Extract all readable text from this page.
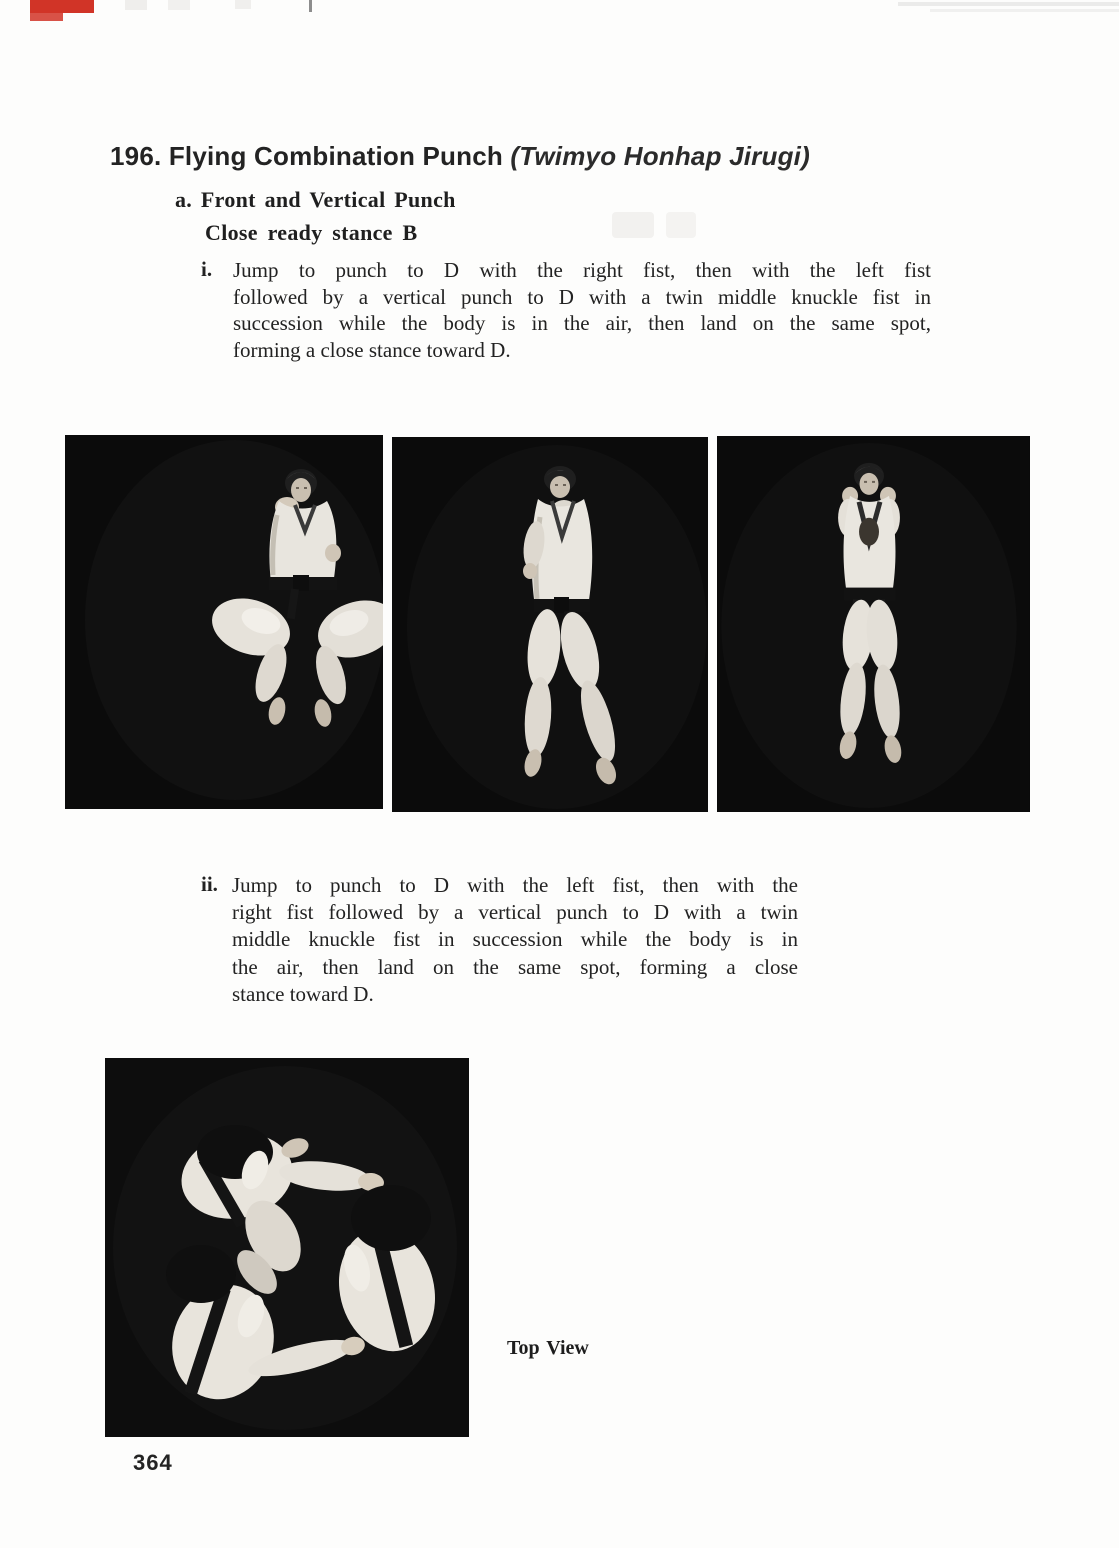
196. Flying Combination Punch (Twimyo Honhap Jirugi)
a. Front and Vertical Punch
Close ready stance B
i. Jump to punch to D with the right fist, then with the left fist
followed by a vertical punch to D with a twin middle knuckle fist in
succession while the body is in the air, then land on the same spot,
forming a close stance toward D.
ii. Jump to punch to D with the left fist, then with the
right fist followed by a vertical punch to D with a twin
middle knuckle fist in succession while the body is in
the air, then land on the same spot, forming a close
stance toward D.
Top View
364
